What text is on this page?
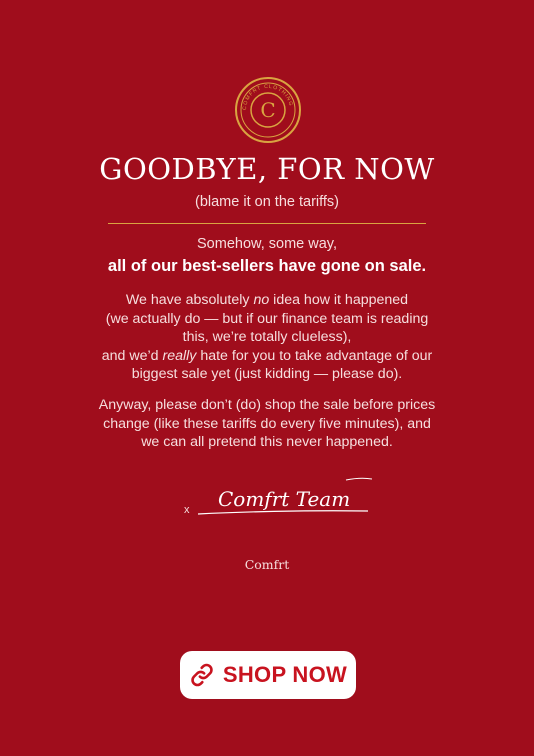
COMFRT CLOTHING
C
GOODBYE, FOR NOW
(blame it on the tariffs)
Somehow, some way,
all of our best-sellers have gone on sale.
We have absolutely no idea how it happened
(we actually do — but if our finance team is reading
this, we’re totally clueless),
and we’d really hate for you to take advantage of our
biggest sale yet (just kidding — please do).
Anyway, please don’t (do) shop the sale before prices
change (like these tariffs do every five minutes), and
we can all pretend this never happened.
x Comfrt Team
Comfrt
SHOP NOW
